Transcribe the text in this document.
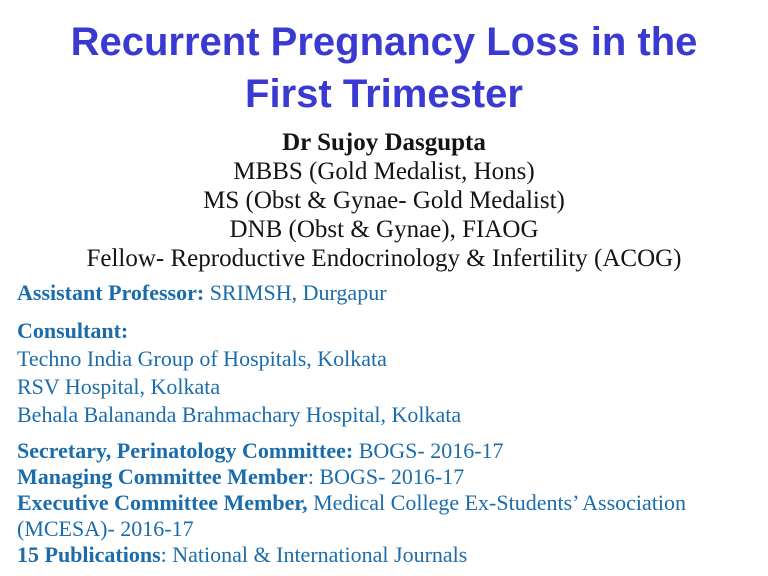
Recurrent Pregnancy Loss in the
First Trimester
Dr Sujoy Dasgupta
MBBS (Gold Medalist, Hons)
MS (Obst & Gynae- Gold Medalist)
DNB (Obst & Gynae), FIAOG
Fellow- Reproductive Endocrinology & Infertility (ACOG)

Assistant Professor: SRIMSH, Durgapur

Consultant:

Techno India Group of Hospitals, Kolkata

RSV Hospital, Kolkata

Behala Balananda Brahmachary Hospital, Kolkata

Secretary, Perinatology Committee: BOGS- 2016-17

Managing Committee Member: BOGS- 2016-17

Executive Committee Member, Medical College Ex-Students’ Association (MCESA)- 2016-17

15 Publications: National & International Journals
